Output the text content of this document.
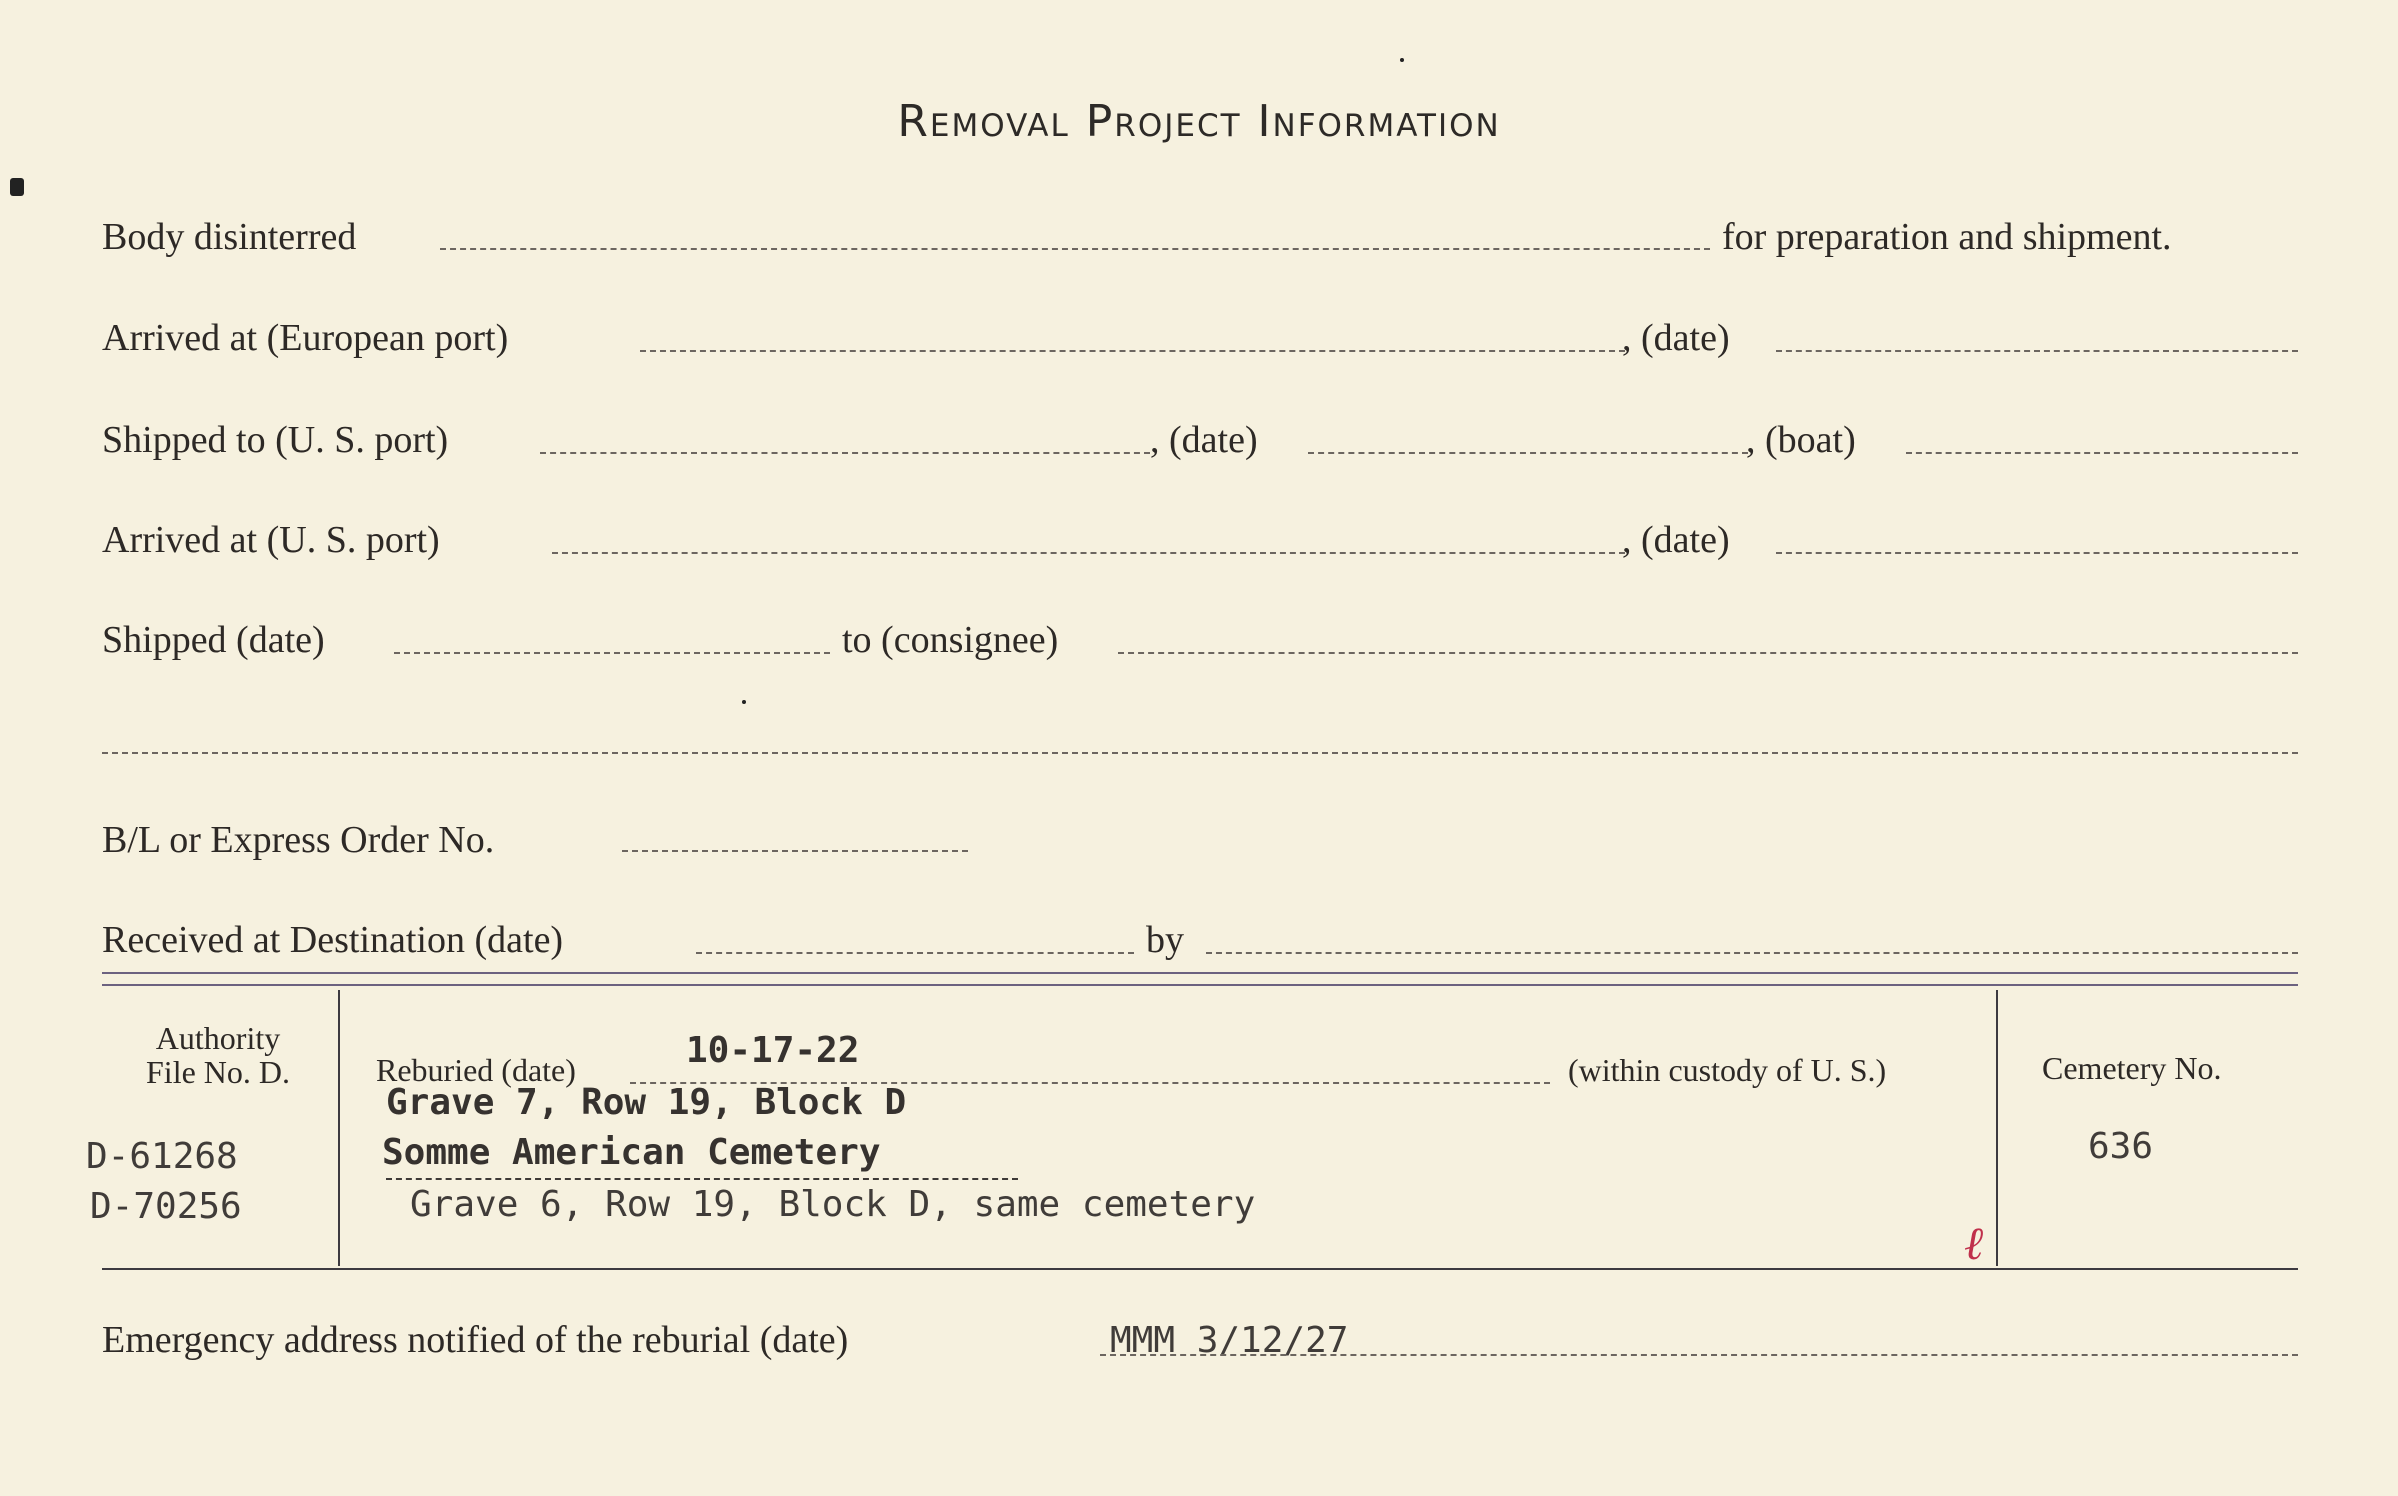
Removal Project Information
Body disinterred	for preparation and shipment.
Arrived at (European port)	, (date)
Shipped to (U. S. port)	, (date)	, (boat)
Arrived at (U. S. port)	, (date)
Shipped (date)	to (consignee)
B/L or Express Order No.
Received at Destination (date)	by
Authority
File No. D.
D-61268
D-70256
Reburied (date)	10-17-22	(within custody of U. S.)
Grave 7, Row 19, Block D
Somme American Cemetery
Grave 6, Row 19, Block D, same cemetery
ℓ
Cemetery No.
636
Emergency address notified of the reburial (date)	MMM 3/12/27
